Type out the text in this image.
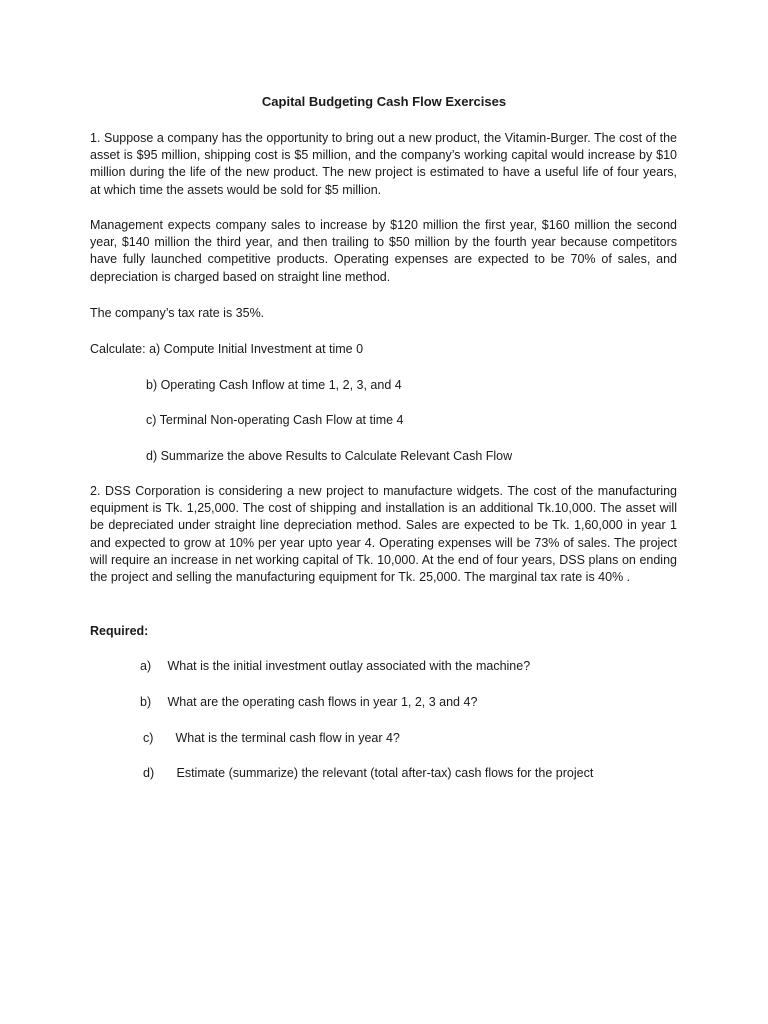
Capital Budgeting Cash Flow Exercises
1. Suppose a company has the opportunity to bring out a new product, the Vitamin-Burger. The cost of the asset is $95 million, shipping cost is $5 million, and the company’s working capital would increase by $10 million during the life of the new product. The new project is estimated to have a useful life of four years, at which time the assets would be sold for $5 million.
Management expects company sales to increase by $120 million the first year, $160 million the second year, $140 million the third year, and then trailing to $50 million by the fourth year because competitors have fully launched competitive products. Operating expenses are expected to be 70% of sales, and depreciation is charged based on straight line method.
The company’s tax rate is 35%.
Calculate: a) Compute Initial Investment at time 0
b) Operating Cash Inflow at time 1, 2, 3, and 4
c) Terminal Non-operating Cash Flow at time 4
d) Summarize the above Results to Calculate Relevant Cash Flow
2. DSS Corporation is considering a new project to manufacture widgets. The cost of the manufacturing equipment is Tk. 1,25,000. The cost of shipping and installation is an additional Tk.10,000. The asset will be depreciated under straight line depreciation method. Sales are expected to be Tk. 1,60,000 in year 1 and expected to grow at 10% per year upto year 4. Operating expenses will be 73% of sales. The project will require an increase in net working capital of Tk. 10,000. At the end of four years, DSS plans on ending the project and selling the manufacturing equipment for Tk. 25,000. The marginal tax rate is 40% .
Required:
a) What is the initial investment outlay associated with the machine?
b) What are the operating cash flows in year 1, 2, 3 and 4?
c) What is the terminal cash flow in year 4?
d) Estimate (summarize) the relevant (total after-tax) cash flows for the project
